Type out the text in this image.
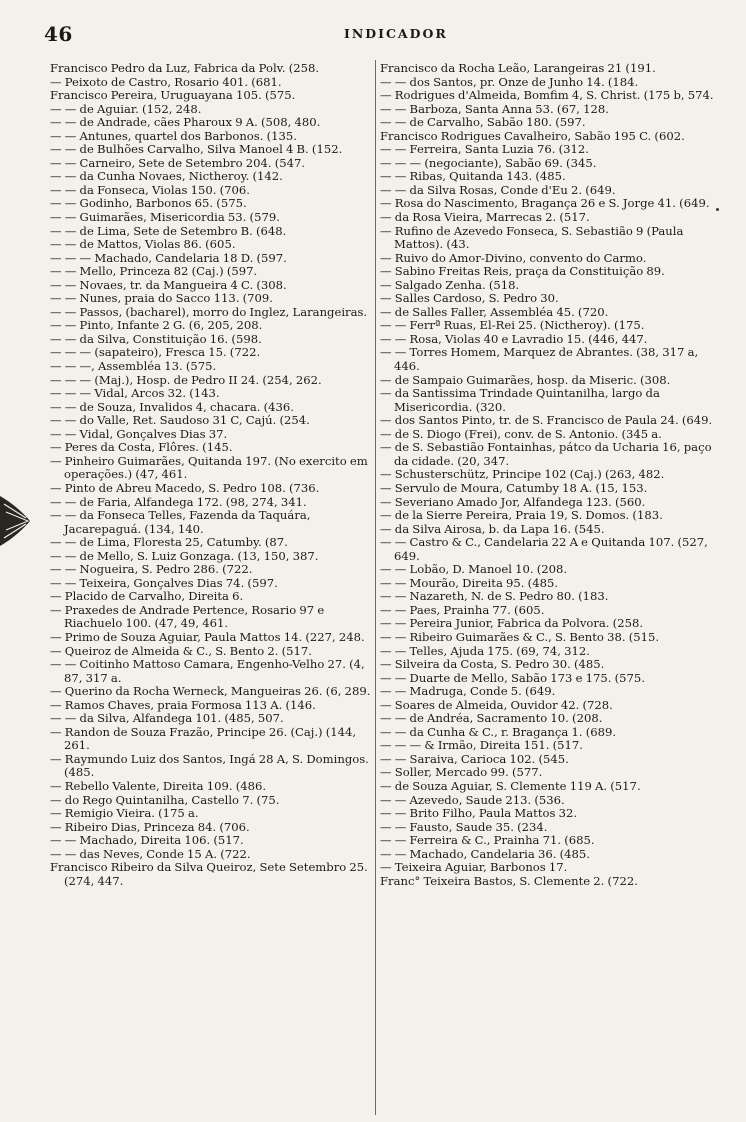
46	INDICADOR
Francisco Pedro da Luz, Fabrica da Polv. (258.
— Peixoto de Castro, Rosario 401. (681.
Francisco Pereira, Uruguayana 105. (575.
— — de Aguiar. (152, 248.
— — de Andrade, cães Pharoux 9 A. (508, 480.
— — Antunes, quartel dos Barbonos. (135.
— — de Bulhões Carvalho, Silva Manoel 4 B. (152.
— — Carneiro, Sete de Setembro 204. (547.
— — da Cunha Novaes, Nictheroy. (142.
— — da Fonseca, Violas 150. (706.
— — Godinho, Barbonos 65. (575.
— — Guimarães, Misericordia 53. (579.
— — de Lima, Sete de Setembro B. (648.
— — de Mattos, Violas 86. (605.
— — — Machado, Candelaria 18 D. (597.
— — Mello, Princeza 82 (Caj.) (597.
— — Novaes, tr. da Mangueira 4 C. (308.
— — Nunes, praia do Sacco 113. (709.
— — Passos, (bacharel), morro do Inglez, Larangeiras.
— — Pinto, Infante 2 G. (6, 205, 208.
— — da Silva, Constituição 16. (598.
— — — (sapateiro), Fresca 15. (722.
— — —, Assembléa 13. (575.
— — — (Maj.), Hosp. de Pedro II 24. (254, 262.
— — — Vidal, Arcos 32. (143.
— — de Souza, Invalidos 4, chacara. (436.
— — do Valle, Ret. Saudoso 31 C, Cajú. (254.
— — Vidal, Gonçalves Dias 37.
— Peres da Costa, Flôres. (145.
— Pinheiro Guimarães, Quitanda 197. (No exercito em operações.) (47, 461.
— Pinto de Abreu Macedo, S. Pedro 108. (736.
— — de Faria, Alfandega 172. (98, 274, 341.
— — da Fonseca Telles, Fazenda da Taquára, Jacarepaguá. (134, 140.
— — de Lima, Floresta 25, Catumby. (87.
— — de Mello, S. Luiz Gonzaga. (13, 150, 387.
— — Nogueira, S. Pedro 286. (722.
— — Teixeira, Gonçalves Dias 74. (597.
— Placido de Carvalho, Direita 6.
— Praxedes de Andrade Pertence, Rosario 97 e Riachuelo 100. (47, 49, 461.
— Primo de Souza Aguiar, Paula Mattos 14. (227, 248.
— Queiroz de Almeida & C., S. Bento 2. (517.
— — Coitinho Mattoso Camara, Engenho-Velho 27. (4, 87, 317 a.
— Querino da Rocha Werneck, Mangueiras 26. (6, 289.
— Ramos Chaves, praia Formosa 113 A. (146.
— — da Silva, Alfandega 101. (485, 507.
— Randon de Souza Frazão, Principe 26. (Caj.) (144, 261.
— Raymundo Luiz dos Santos, Ingá 28 A, S. Domingos. (485.
— Rebello Valente, Direita 109. (486.
— do Rego Quintanilha, Castello 7. (75.
— Remigio Vieira. (175 a.
— Ribeiro Dias, Princeza 84. (706.
— — Machado, Direita 106. (517.
— — das Neves, Conde 15 A. (722.
Francisco Ribeiro da Silva Queiroz, Sete Setembro 25. (274, 447.
Francisco da Rocha Leão, Larangeiras 21 (191.
— — dos Santos, pr. Onze de Junho 14. (184.
— Rodrigues d'Almeida, Bomfim 4, S. Christ. (175 b, 574.
— — Barboza, Santa Anna 53. (67, 128.
— — de Carvalho, Sabão 180. (597.
Francisco Rodrigues Cavalheiro, Sabão 195 C. (602.
— — Ferreira, Santa Luzia 76. (312.
— — — (negociante), Sabão 69. (345.
— — Ribas, Quitanda 143. (485.
— — da Silva Rosas, Conde d'Eu 2. (649.
— Rosa do Nascimento, Bragança 26 e S. Jorge 41. (649.
— da Rosa Vieira, Marrecas 2. (517.
— Rufino de Azevedo Fonseca, S. Sebastião 9 (Paula Mattos). (43.
— Ruivo do Amor-Divino, convento do Carmo.
— Sabino Freitas Reis, praça da Constituição 89.
— Salgado Zenha. (518.
— Salles Cardoso, S. Pedro 30.
— de Salles Faller, Assembléa 45. (720.
— — Ferrª Ruas, El-Rei 25. (Nictheroy). (175.
— — Rosa, Violas 40 e Lavradio 15. (446, 447.
— — Torres Homem, Marquez de Abrantes. (38, 317 a, 446.
— de Sampaio Guimarães, hosp. da Miseric. (308.
— da Santissima Trindade Quintanilha, largo da Misericordia. (320.
— dos Santos Pinto, tr. de S. Francisco de Paula 24. (649.
— de S. Diogo (Frei), conv. de S. Antonio. (345 a.
— de S. Sebastião Fontainhas, pátco da Ucharia 16, paço da cidade. (20, 347.
— Schusterschütz, Principe 102 (Caj.) (263, 482.
— Servulo de Moura, Catumby 18 A. (15, 153.
— Severiano Amado Jor, Alfandega 123. (560.
— de la Sierre Pereira, Praia 19, S. Domos. (183.
— da Silva Airosa, b. da Lapa 16. (545.
— — Castro & C., Candelaria 22 A e Quitanda 107. (527, 649.
— — Lobão, D. Manoel 10. (208.
— — Mourão, Direita 95. (485.
— — Nazareth, N. de S. Pedro 80. (183.
— — Paes, Prainha 77. (605.
— — Pereira Junior, Fabrica da Polvora. (258.
— — Ribeiro Guimarães & C., S. Bento 38. (515.
— — Telles, Ajuda 175. (69, 74, 312.
— Silveira da Costa, S. Pedro 30. (485.
— — Duarte de Mello, Sabão 173 e 175. (575.
— — Madruga, Conde 5. (649.
— Soares de Almeida, Ouvidor 42. (728.
— — de Andréa, Sacramento 10. (208.
— — da Cunha & C., r. Bragança 1. (689.
— — — & Irmão, Direita 151. (517.
— — Saraiva, Carioca 102. (545.
— Soller, Mercado 99. (577.
— de Souza Aguiar, S. Clemente 119 A. (517.
— — Azevedo, Saude 213. (536.
— — Brito Filho, Paula Mattos 32.
— — Fausto, Saude 35. (234.
— — Ferreira & C., Prainha 71. (685.
— — Machado, Candelaria 36. (485.
— Teixeira Aguiar, Barbonos 17.
Franc° Teixeira Bastos, S. Clemente 2. (722.
